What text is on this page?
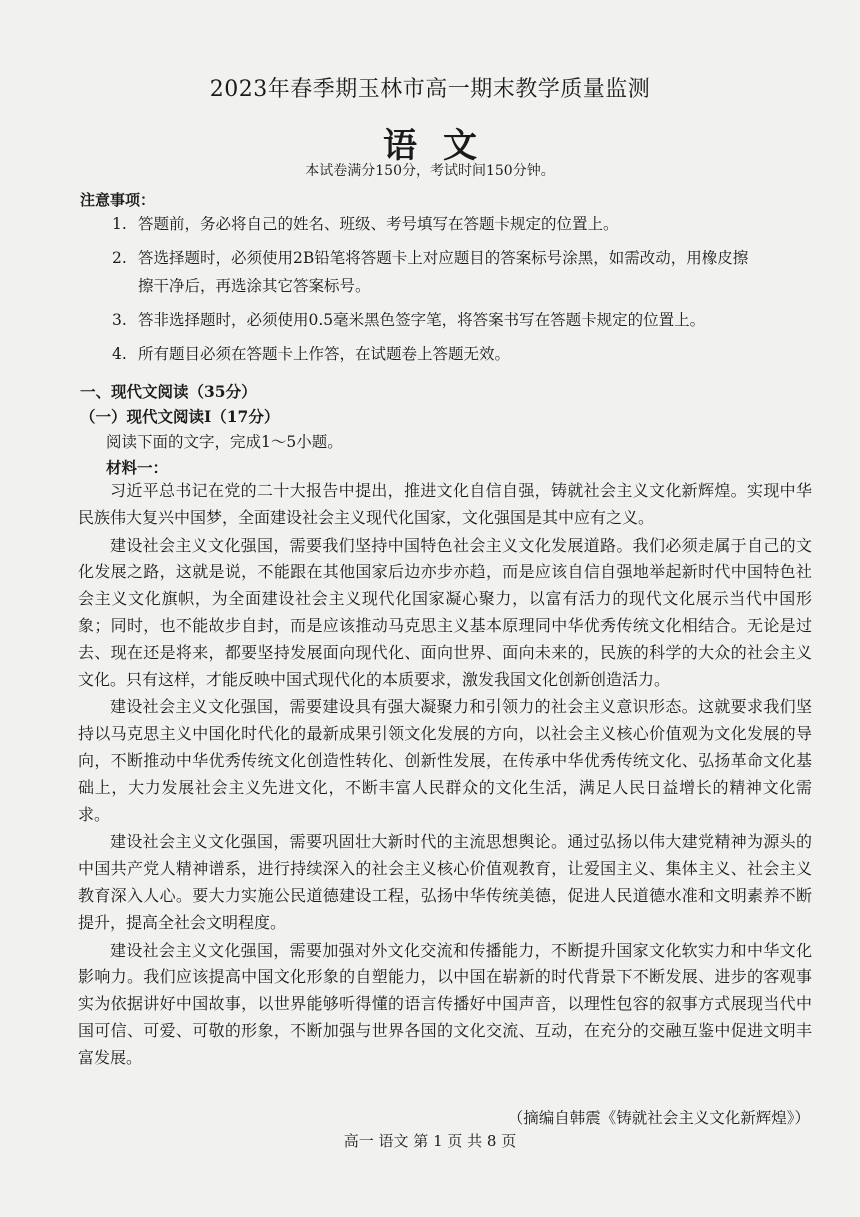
2023年春季期玉林市高一期末教学质量监测
语文
本试卷满分150分，考试时间150分钟。
注意事项：
1. 答题前，务必将自己的姓名、班级、考号填写在答题卡规定的位置上。
2. 答选择题时，必须使用2B铅笔将答题卡上对应题目的答案标号涂黑，如需改动，用橡皮擦
擦干净后，再选涂其它答案标号。
3. 答非选择题时，必须使用0.5毫米黑色签字笔，将答案书写在答题卡规定的位置上。
4. 所有题目必须在答题卡上作答，在试题卷上答题无效。
一、现代文阅读（35分）
（一）现代文阅读Ⅰ（17分）
阅读下面的文字，完成1～5小题。
材料一：

习近平总书记在党的二十大报告中提出，推进文化自信自强，铸就社会主义文化新辉煌。实现中华民族伟大复兴中国梦，全面建设社会主义现代化国家，文化强国是其中应有之义。

建设社会主义文化强国，需要我们坚持中国特色社会主义文化发展道路。我们必须走属于自己的文化发展之路，这就是说，不能跟在其他国家后边亦步亦趋，而是应该自信自强地举起新时代中国特色社会主义文化旗帜，为全面建设社会主义现代化国家凝心聚力，以富有活力的现代文化展示当代中国形象；同时，也不能故步自封，而是应该推动马克思主义基本原理同中华优秀传统文化相结合。无论是过去、现在还是将来，都要坚持发展面向现代化、面向世界、面向未来的，民族的科学的大众的社会主义文化。只有这样，才能反映中国式现代化的本质要求，激发我国文化创新创造活力。

建设社会主义文化强国，需要建设具有强大凝聚力和引领力的社会主义意识形态。这就要求我们坚持以马克思主义中国化时代化的最新成果引领文化发展的方向，以社会主义核心价值观为文化发展的导向，不断推动中华优秀传统文化创造性转化、创新性发展，在传承中华优秀传统文化、弘扬革命文化基础上，大力发展社会主义先进文化，不断丰富人民群众的文化生活，满足人民日益增长的精神文化需求。

建设社会主义文化强国，需要巩固壮大新时代的主流思想舆论。通过弘扬以伟大建党精神为源头的中国共产党人精神谱系，进行持续深入的社会主义核心价值观教育，让爱国主义、集体主义、社会主义教育深入人心。要大力实施公民道德建设工程，弘扬中华传统美德，促进人民道德水准和文明素养不断提升，提高全社会文明程度。

建设社会主义文化强国，需要加强对外文化交流和传播能力，不断提升国家文化软实力和中华文化影响力。我们应该提高中国文化形象的自塑能力，以中国在崭新的时代背景下不断发展、进步的客观事实为依据讲好中国故事，以世界能够听得懂的语言传播好中国声音，以理性包容的叙事方式展现当代中国可信、可爱、可敬的形象，不断加强与世界各国的文化交流、互动，在充分的交融互鉴中促进文明丰富发展。

（摘编自韩震《铸就社会主义文化新辉煌》）
高一 语文 第 1 页 共 8 页
